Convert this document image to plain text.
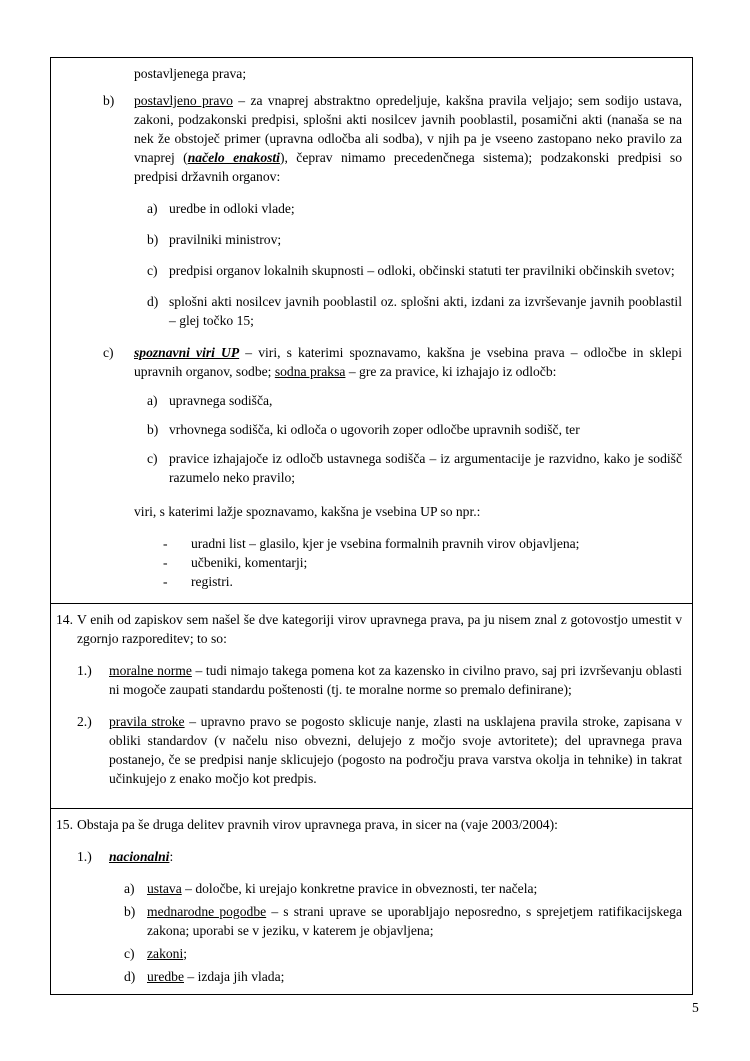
postavljenega prava;
b) postavljeno pravo – za vnaprej abstraktno opredeljuje, kakšna pravila veljajo; sem sodijo ustava, zakoni, podzakonski predpisi, splošni akti nosilcev javnih pooblastil, posamični akti (nanaša se na nek že obstoječ primer (upravna odločba ali sodba), v njih pa je vseeno zastopano neko pravilo za vnaprej (načelo enakosti), čeprav nimamo precedenčnega sistema); podzakonski predpisi so predpisi državnih organov:
a) uredbe in odloki vlade;
b) pravilniki ministrov;
c) predpisi organov lokalnih skupnosti – odloki, občinski statuti ter pravilniki občinskih svetov;
d) splošni akti nosilcev javnih pooblastil oz. splošni akti, izdani za izvrševanje javnih pooblastil – glej točko 15;
c) spoznavni viri UP – viri, s katerimi spoznavamo, kakšna je vsebina prava – odločbe in sklepi upravnih organov, sodbe; sodna praksa – gre za pravice, ki izhajajo iz odločb:
a) upravnega sodišča,
b) vrhovnega sodišča, ki odloča o ugovorih zoper odločbe upravnih sodišč, ter
c) pravice izhajajoče iz odločb ustavnega sodišča – iz argumentacije je razvidno, kako je sodišč razumelo neko pravilo;
viri, s katerimi lažje spoznavamo, kakšna je vsebina UP so npr.:
- uradni list – glasilo, kjer je vsebina formalnih pravnih virov objavljena;
- učbeniki, komentarji;
- registri.
14. V enih od zapiskov sem našel še dve kategoriji virov upravnega prava, pa ju nisem znal z gotovostjo umestit v zgornjo razporeditev; to so:
1.) moralne norme – tudi nimajo takega pomena kot za kazensko in civilno pravo, saj pri izvrševanju oblasti ni mogoče zaupati standardu poštenosti (tj. te moralne norme so premalo definirane);
2.) pravila stroke – upravno pravo se pogosto sklicuje nanje, zlasti na usklajena pravila stroke, zapisana v obliki standardov (v načelu niso obvezni, delujejo z močjo svoje avtoritete); del upravnega prava postanejo, če se predpisi nanje sklicujejo (pogosto na področju prava varstva okolja in tehnike) in takrat učinkujejo z enako močjo kot predpis.
15. Obstaja pa še druga delitev pravnih virov upravnega prava, in sicer na (vaje 2003/2004):
1.) nacionalni:
a) ustava – določbe, ki urejajo konkretne pravice in obveznosti, ter načela;
b) mednarodne pogodbe – s strani uprave se uporabljajo neposredno, s sprejetjem ratifikacijskega zakona; uporabi se v jeziku, v katerem je objavljena;
c) zakoni;
d) uredbe – izdaja jih vlada;
5
